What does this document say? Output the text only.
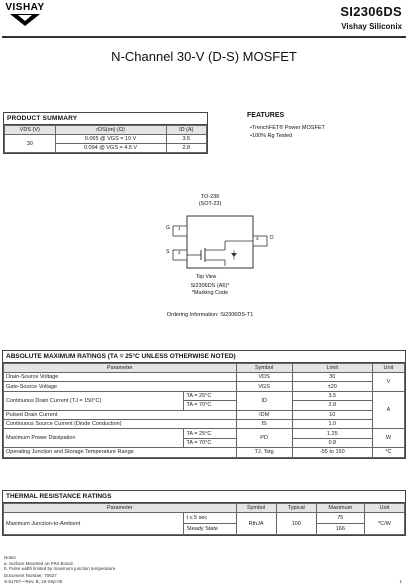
VISHAY	SI2306DS
Vishay Siliconix
N-Channel 30-V (D-S) MOSFET
PRODUCT SUMMARY
VDS (V)	rDS(on) (Ω)	ID (A)
30	0.065 @ VGS = 10 V	3.5
	0.094 @ VGS = 4.5 V	2.8
FEATURES
• TrenchFET® Power MOSFET
• 100% Rg Tested
TO-236
(SOT-23)
G
S
D
1
2
3
Top View
Si2306DS (A6)*
*Marking Code
Ordering Information: Si2306DS-T1
ABSOLUTE MAXIMUM RATINGS (TA = 25°C UNLESS OTHERWISE NOTED)
Parameter		Symbol	Limit	Unit
Drain-Source Voltage		VDS	30	V
Gate-Source Voltage		VGS	±20	
Continuous Drain Current (TJ = 150°C)	TA = 25°C	ID	3.5	A
	TA = 70°C		2.8	
Pulsed Drain Current		IDM	10	
Continuous Source Current (Diode Conduction)		IS	1.0	
Maximum Power Dissipation	TA = 25°C	PD	1.25	W
	TA = 70°C		0.8	
Operating Junction and Storage Temperature Range		TJ, Tstg	-55 to 150	°C
THERMAL RESISTANCE RATINGS
Parameter		Symbol	Typical	Maximum	Unit
Maximum Junction-to-Ambient	t ≤ 5 sec	RthJA	100	75	°C/W
	Steady State			166	
Notes
a. Surface Mounted on FR4 Board.
b. Pulse width limited by maximum junction temperature.
Document Number: 70627
S-51767—Rev. B, 19-Sep-05	1
